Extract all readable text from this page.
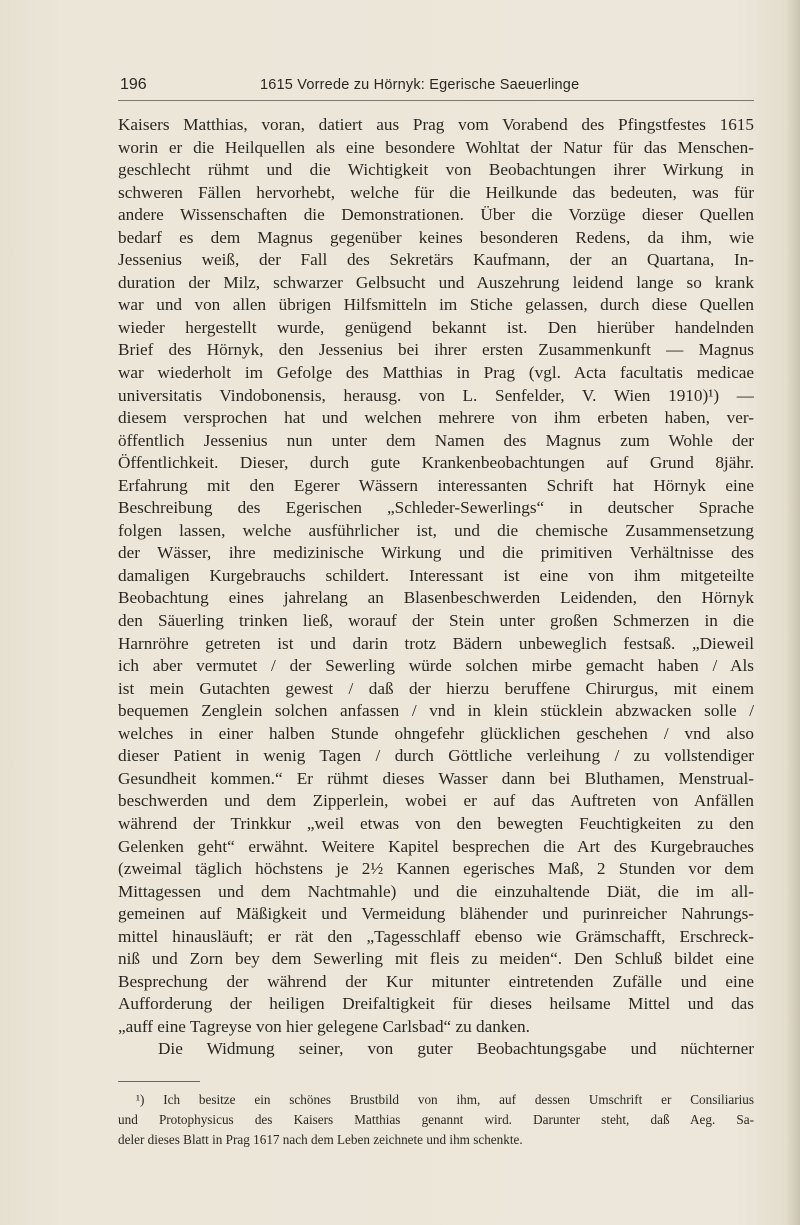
196	1615 Vorrede zu Hörnyk: Egerische Saeuerlinge
Kaisers Matthias, voran, datiert aus Prag vom Vorabend des Pfingstfestes 1615
worin er die Heilquellen als eine besondere Wohltat der Natur für das Menschen-
geschlecht rühmt und die Wichtigkeit von Beobachtungen ihrer Wirkung in
schweren Fällen hervorhebt, welche für die Heilkunde das bedeuten, was für
andere Wissenschaften die Demonstrationen. Über die Vorzüge dieser Quellen
bedarf es dem Magnus gegenüber keines besonderen Redens, da ihm, wie
Jessenius weiß, der Fall des Sekretärs Kaufmann, der an Quartana, In-
duration der Milz, schwarzer Gelbsucht und Auszehrung leidend lange so krank
war und von allen übrigen Hilfsmitteln im Stiche gelassen, durch diese Quellen
wieder hergestellt wurde, genügend bekannt ist. Den hierüber handelnden
Brief des Hörnyk, den Jessenius bei ihrer ersten Zusammenkunft — Magnus
war wiederholt im Gefolge des Matthias in Prag (vgl. Acta facultatis medicae
universitatis Vindobonensis, herausg. von L. Senfelder, V. Wien 1910)¹) —
diesem versprochen hat und welchen mehrere von ihm erbeten haben, ver-
öffentlich Jessenius nun unter dem Namen des Magnus zum Wohle der
Öffentlichkeit. Dieser, durch gute Krankenbeobachtungen auf Grund 8jähr.
Erfahrung mit den Egerer Wässern interessanten Schrift hat Hörnyk eine
Beschreibung des Egerischen „Schleder-Sewerlings“ in deutscher Sprache
folgen lassen, welche ausführlicher ist, und die chemische Zusammensetzung
der Wässer, ihre medizinische Wirkung und die primitiven Verhältnisse des
damaligen Kurgebrauchs schildert. Interessant ist eine von ihm mitgeteilte
Beobachtung eines jahrelang an Blasenbeschwerden Leidenden, den Hörnyk
den Säuerling trinken ließ, worauf der Stein unter großen Schmerzen in die
Harnröhre getreten ist und darin trotz Bädern unbeweglich festsaß. „Dieweil
ich aber vermutet / der Sewerling würde solchen mirbe gemacht haben / Als
ist mein Gutachten gewest / daß der hierzu beruffene Chirurgus, mit einem
bequemen Zenglein solchen anfassen / vnd in klein stücklein abzwacken solle /
welches in einer halben Stunde ohngefehr glücklichen geschehen / vnd also
dieser Patient in wenig Tagen / durch Göttliche verleihung / zu vollstendiger
Gesundheit kommen.“ Er rühmt dieses Wasser dann bei Bluthamen, Menstrual-
beschwerden und dem Zipperlein, wobei er auf das Auftreten von Anfällen
während der Trinkkur „weil etwas von den bewegten Feuchtigkeiten zu den
Gelenken geht“ erwähnt. Weitere Kapitel besprechen die Art des Kurgebrauches
(zweimal täglich höchstens je 2½ Kannen egerisches Maß, 2 Stunden vor dem
Mittagessen und dem Nachtmahle) und die einzuhaltende Diät, die im all-
gemeinen auf Mäßigkeit und Vermeidung blähender und purinreicher Nahrungs-
mittel hinausläuft; er rät den „Tagesschlaff ebenso wie Grämschafft, Erschreck-
niß und Zorn bey dem Sewerling mit fleis zu meiden“. Den Schluß bildet eine
Besprechung der während der Kur mitunter eintretenden Zufälle und eine
Aufforderung der heiligen Dreifaltigkeit für dieses heilsame Mittel und das
„auff eine Tagreyse von hier gelegene Carlsbad“ zu danken.
Die Widmung seiner, von guter Beobachtungsgabe und nüchterner
¹) Ich besitze ein schönes Brustbild von ihm, auf dessen Umschrift er Consiliarius
und Protophysicus des Kaisers Matthias genannt wird. Darunter steht, daß Aeg. Sa-
deler dieses Blatt in Prag 1617 nach dem Leben zeichnete und ihm schenkte.
